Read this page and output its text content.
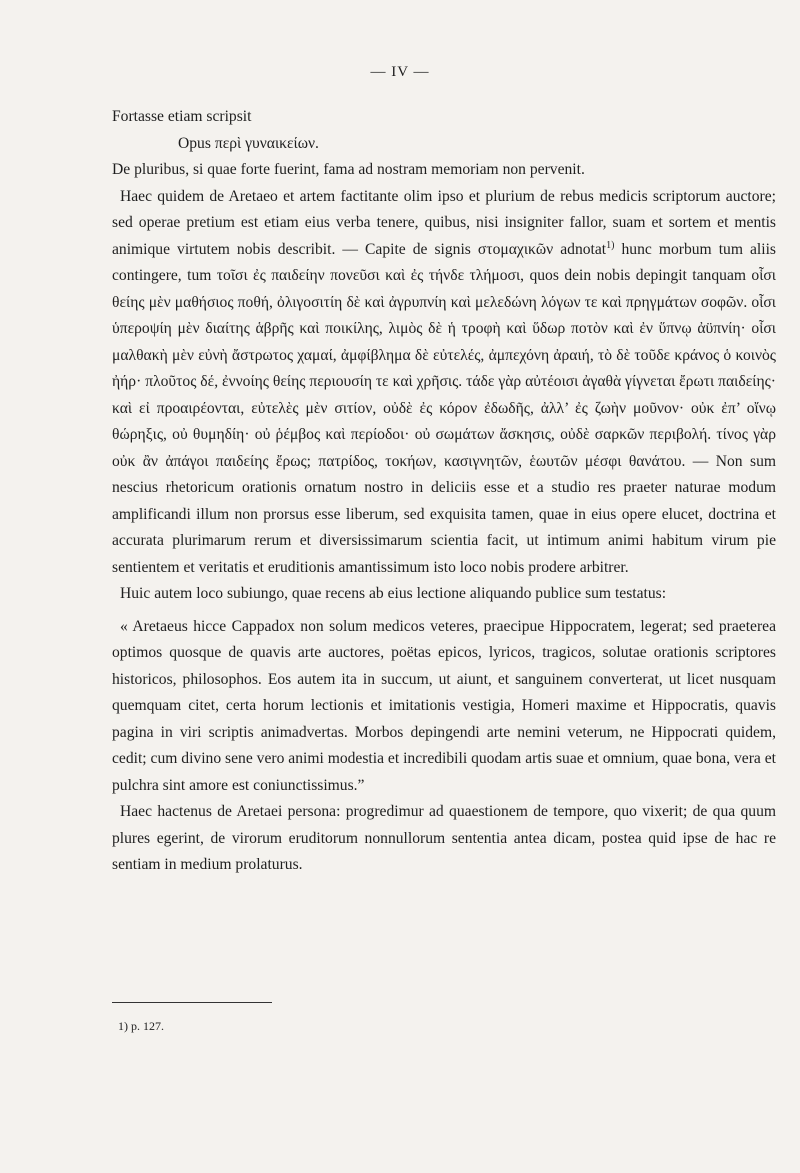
— IV —

Fortasse etiam scripsit

Opus περὶ γυναικείων.

De pluribus, si quae forte fuerint, fama ad nostram memoriam non pervenit.

Haec quidem de Aretaeo et artem factitante olim ipso et plurium de rebus medicis scriptorum auctore; sed operae pretium est etiam eius verba tenere, quibus, nisi insigniter fallor, suam et sortem et mentis animique virtutem nobis describit. — Capite de signis στομαχικῶν adnotat$^{1)}$ hunc morbum tum aliis contingere, tum τοῖσι ἐς παιδείην πονεῦσι καὶ ἐς τήνδε τλήμοσι, quos dein nobis depingit tanquam οἷσι θείης μὲν μαθήσιος ποθή, ὀλιγοσιτίη δὲ καὶ ἀγρυπνίη καὶ μελεδώνη λόγων τε καὶ πρηγμάτων σοφῶν. οἷσι ὑπεροψίη μὲν διαίτης ἁβρῆς καὶ ποικίλης, λιμὸς δὲ ἡ τροφὴ καὶ ὕδωρ ποτὸν καὶ ἐν ὕπνῳ ἀϋπνίη· οἷσι μαλθακὴ μὲν εὐνὴ ἄστρωτος χαμαί, ἀμφίβλημα δὲ εὐτελές, ἀμπεχόνη ἀραιή, τὸ δὲ τοῦδε κράνος ὁ κοινὸς ἠήρ· πλοῦτος δέ, ἐννοίης θείης περιουσίη τε καὶ χρῆσις. τάδε γὰρ αὐτέοισι ἀγαθὰ γίγνεται ἔρωτι παιδείης· καὶ εἰ προαιρέονται, εὐτελὲς μὲν σιτίον, οὐδὲ ἐς κόρον ἐδωδῆς, ἀλλ’ ἐς ζωὴν μοῦνον· οὐκ ἐπ’ οἴνῳ θώρηξις, οὐ θυμηδίη· οὐ ῥέμβος καὶ περίοδοι· οὐ σωμάτων ἄσκησις, οὐδὲ σαρκῶν περιβολή. τίνος γὰρ οὐκ ἂν ἀπάγοι παιδείης ἔρως; πατρίδος, τοκήων, κασιγνητῶν, ἑωυτῶν μέσφι θανάτου. — Non sum nescius rhetoricum orationis ornatum nostro in deliciis esse et a studio res praeter naturae modum amplificandi illum non prorsus esse liberum, sed exquisita tamen, quae in eius opere elucet, doctrina et accurata plurimarum rerum et diversissimarum scientia facit, ut intimum animi habitum virum pie sentientem et veritatis et eruditionis amantissimum isto loco nobis prodere arbitrer.

Huic autem loco subiungo, quae recens ab eius lectione aliquando publice sum testatus:

« Aretaeus hicce Cappadox non solum medicos veteres, praecipue Hippocratem, legerat; sed praeterea optimos quosque de quavis arte auctores, poëtas epicos, lyricos, tragicos, solutae orationis scriptores historicos, philosophos. Eos autem ita in succum, ut aiunt, et sanguinem converterat, ut licet nusquam quemquam citet, certa horum lectionis et imitationis vestigia, Homeri maxime et Hippocratis, quavis pagina in viri scriptis animadvertas. Morbos depingendi arte nemini veterum, ne Hippocrati quidem, cedit; cum divino sene vero animi modestia et incredibili quodam artis suae et omnium, quae bona, vera et pulchra sint amore est coniunctissimus.”

Haec hactenus de Aretaei persona: progredimur ad quaestionem de tempore, quo vixerit; de qua quum plures egerint, de virorum eruditorum nonnullorum sententia antea dicam, postea quid ipse de hac re sentiam in medium prolaturus.

1) p. 127.
